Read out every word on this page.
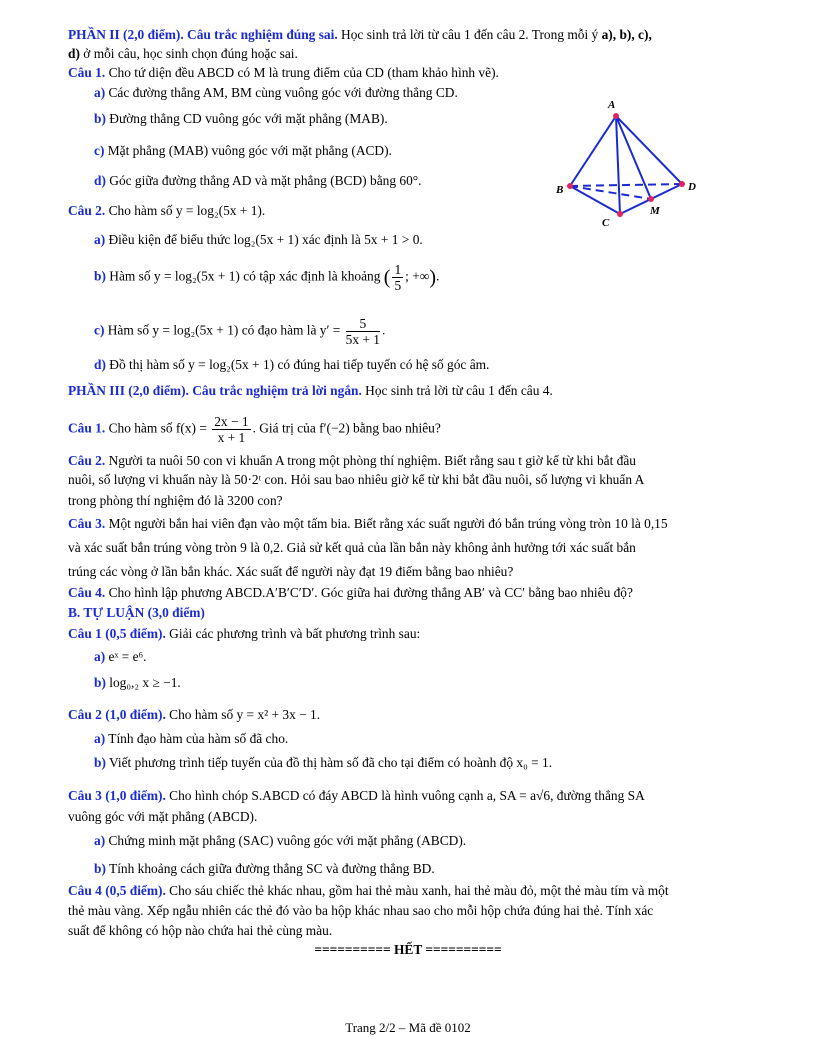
PHẦN II (2,0 điểm). Câu trắc nghiệm đúng sai. Học sinh trả lời từ câu 1 đến câu 2. Trong mỗi ý a), b), c),
d) ở mỗi câu, học sinh chọn đúng hoặc sai.
Câu 1. Cho tứ diện đều ABCD có M là trung điểm của CD (tham khảo hình vẽ).
a) Các đường thẳng AM, BM cùng vuông góc với đường thẳng CD.
b) Đường thẳng CD vuông góc với mặt phẳng (MAB).
c) Mặt phẳng (MAB) vuông góc với mặt phẳng (ACD).
d) Góc giữa đường thẳng AD và mặt phẳng (BCD) bằng 60°.
Câu 2. Cho hàm số y = log₂(5x + 1).
a) Điều kiện để biểu thức log₂(5x + 1) xác định là 5x + 1 > 0.
b) Hàm số y = log₂(5x + 1) có tập xác định là khoảng ( $\frac{1}{5}$ ; +∞).
c) Hàm số y = log₂(5x + 1) có đạo hàm là $y' = \frac{5}{5x + 1}$ .
d) Đồ thị hàm số y = log₂(5x + 1) có đúng hai tiếp tuyến có hệ số góc âm.
PHẦN III (2,0 điểm). Câu trắc nghiệm trả lời ngắn. Học sinh trả lời từ câu 1 đến câu 4.
Câu 1. Cho hàm số $f(x) = \frac{2x - 1}{x + 1}$ . Giá trị của f′(−2) bằng bao nhiêu?
Câu 2. Người ta nuôi 50 con vi khuẩn A trong một phòng thí nghiệm. Biết rằng sau t giờ kể từ khi bắt đầu
nuôi, số lượng vi khuẩn này là 50·2ᵗ con. Hỏi sau bao nhiêu giờ kể từ khi bắt đầu nuôi, số lượng vi khuẩn A
trong phòng thí nghiệm đó là 3200 con?
Câu 3. Một người bắn hai viên đạn vào một tấm bia. Biết rằng xác suất người đó bắn trúng vòng tròn 10 là 0,15
và xác suất bắn trúng vòng tròn 9 là 0,2. Giả sử kết quả của lần bắn này không ảnh hưởng tới xác suất bắn
trúng các vòng ở lần bắn khác. Xác suất để người này đạt 19 điểm bằng bao nhiêu?
Câu 4. Cho hình lập phương ABCD.A′B′C′D′. Góc giữa hai đường thẳng AB′ và CC′ bằng bao nhiêu độ?
B. TỰ LUẬN (3,0 điểm)
Câu 1 (0,5 điểm). Giải các phương trình và bất phương trình sau:
a) eˣ = e⁶.
b) log₀,₂ x ≥ −1.
Câu 2 (1,0 điểm). Cho hàm số y = x² + 3x − 1.
a) Tính đạo hàm của hàm số đã cho.
b) Viết phương trình tiếp tuyến của đồ thị hàm số đã cho tại điểm có hoành độ x₀ = 1.
Câu 3 (1,0 điểm). Cho hình chóp S.ABCD có đáy ABCD là hình vuông cạnh a, SA = a√6, đường thẳng SA
vuông góc với mặt phẳng (ABCD).
a) Chứng minh mặt phẳng (SAC) vuông góc với mặt phẳng (ABCD).
b) Tính khoảng cách giữa đường thẳng SC và đường thẳng BD.
Câu 4 (0,5 điểm). Cho sáu chiếc thẻ khác nhau, gồm hai thẻ màu xanh, hai thẻ màu đỏ, một thẻ màu tím và một
thẻ màu vàng. Xếp ngẫu nhiên các thẻ đó vào ba hộp khác nhau sao cho mỗi hộp chứa đúng hai thẻ. Tính xác
suất để không có hộp nào chứa hai thẻ cùng màu.
========== HẾT ==========
A
B
C
D
M
Trang 2/2 – Mã đề 0102
